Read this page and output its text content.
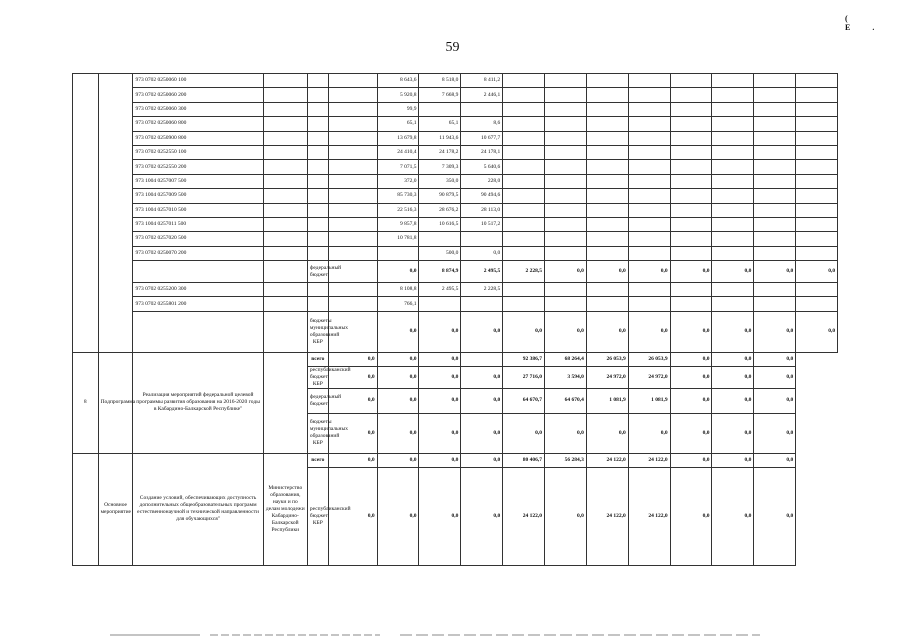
( E.
59
		973 0702 0250060 100				8 643,6	8 518,0	8 411,2								
		973 0702 0250060 200				5 920,8	7 668,9	2 446,1								
		973 0702 0250060 300				99,9										
		973 0702 0250060 800				65,1	65,1	8,6								
		973 0702 0250900 800				13 679,8	11 943,6	10 677,7								
		973 0702 0252550 100				24 410,4	24 178,2	24 178,1								
		973 0702 0252550 200				7 071,5	7 309,3	5 640,6								
		973 1004 0257007 500				372,0	350,0	228,0								
		973 1004 0257009 500				85 730,3	90 879,5	90 494,6								
		973 1004 0257010 500				22 516,3	28 676,2	28 113,0								
		973 1004 0257011 500				9 857,8	10 616,5	10 517,2								
		973 0702 0257020 500				10 781,8										
		973 0702 0250070 200					500,0	0,0								
				федеральный бюджет		0,0	8 874,9	2 495,5	2 228,5	0,0	0,0	0,0	0,0	0,0	0,0	0,0
		973 0702 0255200 300				8 108,8	2 495,5	2 228,5								
		973 0702 0255801 200				766,1										
				бюджеты муниципальных образований КБР		0,0	0,0	0,0	0,0	0,0	0,0	0,0	0,0	0,0	0,0	0,0
8	Подпрограмма	Реализация мероприятий федеральной целевой программы развития образования на 2016-2020 годы в Кабардино-Балкарской Республике"		всего	0,0	0,0	0,0		92 386,7	68 264,4	26 053,9	26 053,9	0,0	0,0	0,0	
				республиканский бюджет КБР	0,0	0,0	0,0	0,0	27 716,0	3 594,0	24 972,0	24 972,0	0,0	0,0	0,0	
				федеральный бюджет	0,0	0,0	0,0	0,0	64 670,7	64 670,4	1 081,9	1 081,9	0,0	0,0	0,0	
				бюджеты муниципальных образований КБР	0,0	0,0	0,0	0,0	0,0	0,0	0,0	0,0	0,0	0,0	0,0	
	Основное мероприятие	Создание условий, обеспечивающих доступность дополнительных общеобразовательных программ естественнонаучной и технической направленности для обучающихся"	Министерство образования, науки и по делам молодежи Кабардино-Балкарской Республики	всего	0,0	0,0	0,0	0,0	80 406,7	56 284,3	24 122,0	24 122,0	0,0	0,0	0,0	
				республиканский бюджет КБР	0,0	0,0	0,0	0,0	24 122,0	0,0	24 122,0	24 122,0	0,0	0,0	0,0	
